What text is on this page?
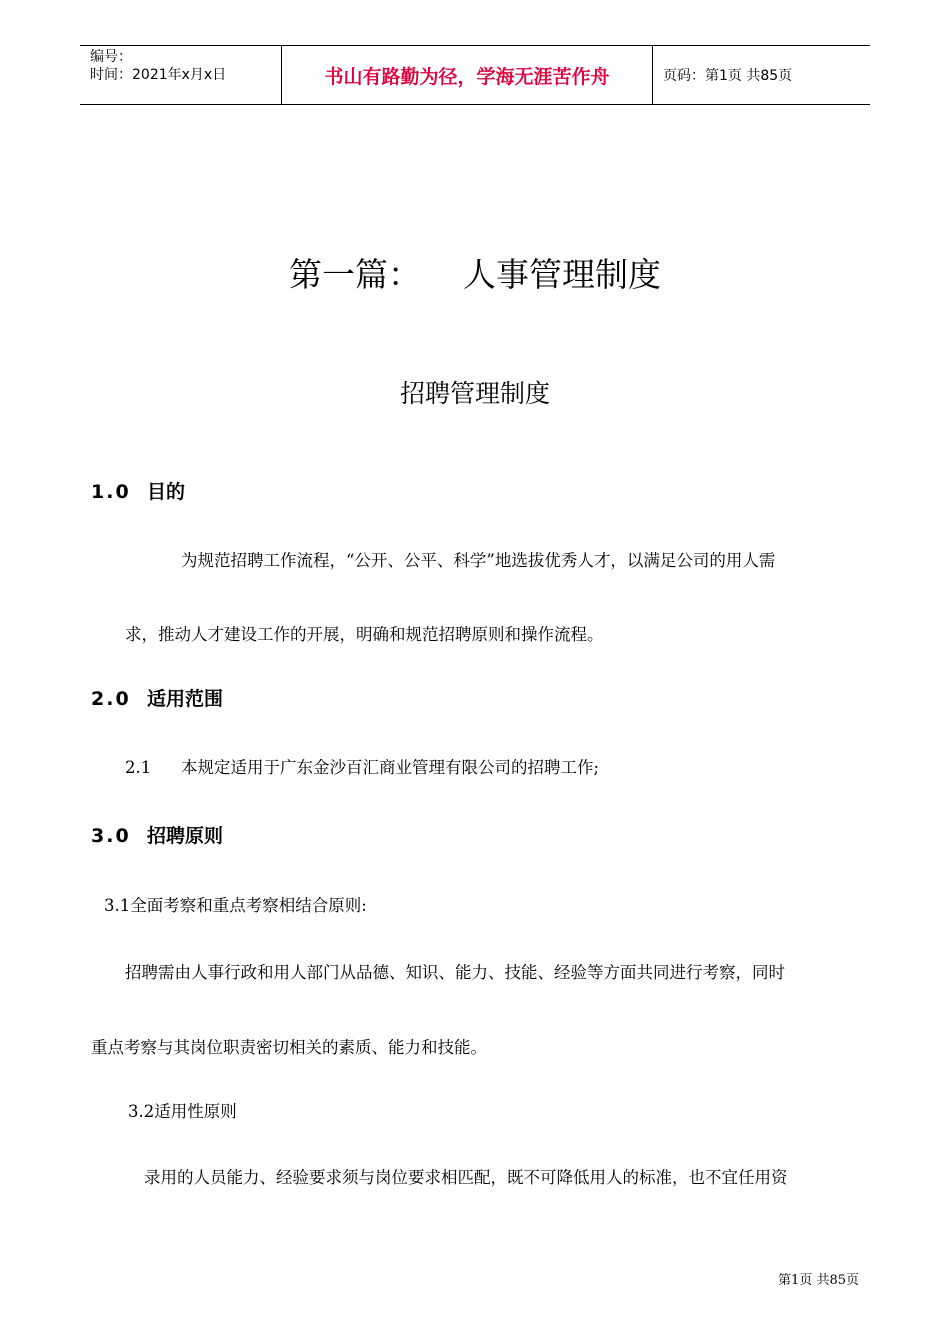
编号：
时间：2021年x月x日	书山有路勤为径，学海无涯苦作舟	页码：第1页 共85页
第一篇：    人事管理制度
招聘管理制度
1.0 目的
为规范招聘工作流程，“公开、公平、科学”地选拔优秀人才，以满足公司的用人需
求，推动人才建设工作的开展，明确和规范招聘原则和操作流程。
2.0 适用范围
2.1 本规定适用于广东金沙百汇商业管理有限公司的招聘工作;
3.0 招聘原则
3.1全面考察和重点考察相结合原则:
招聘需由人事行政和用人部门从品德、知识、能力、技能、经验等方面共同进行考察，同时
重点考察与其岗位职责密切相关的素质、能力和技能。
3.2适用性原则
录用的人员能力、经验要求须与岗位要求相匹配，既不可降低用人的标准，也不宜任用资
第1页 共85页
